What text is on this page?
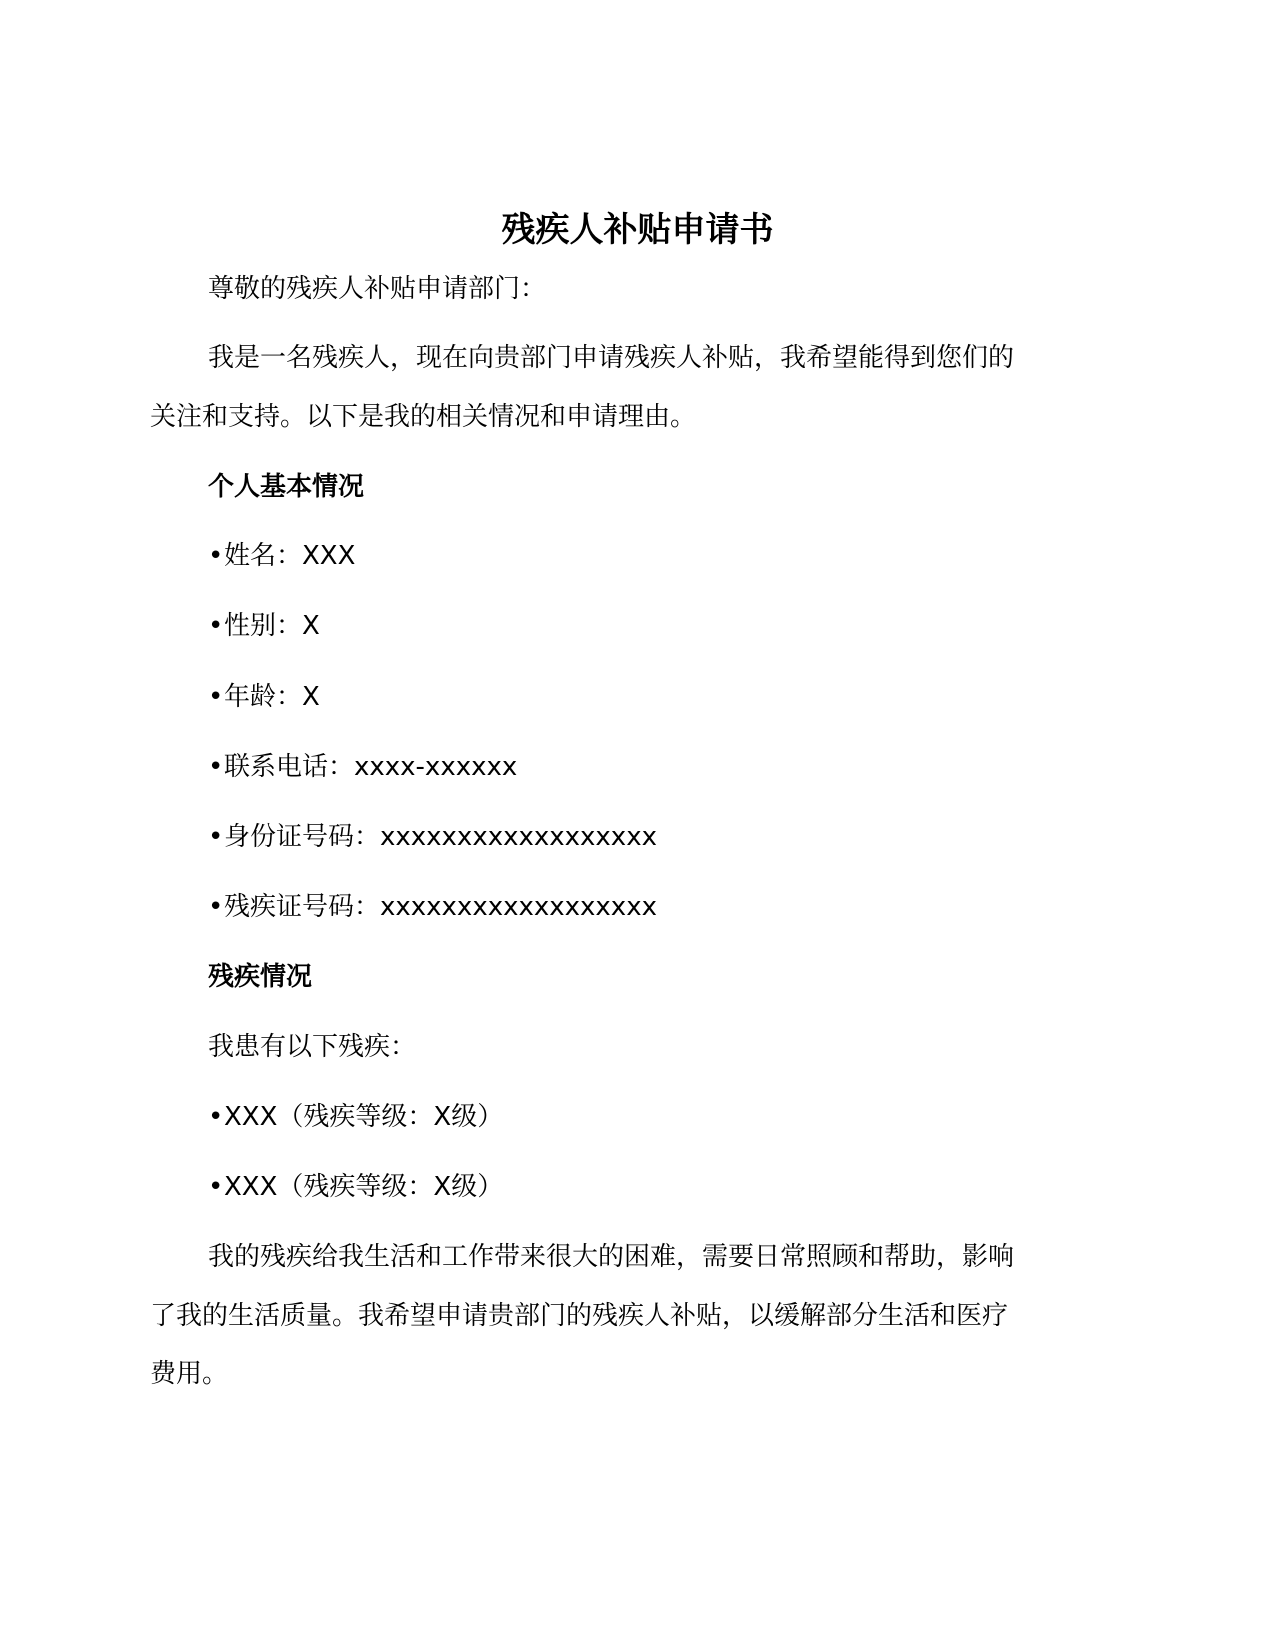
残疾人补贴申请书
尊敬的残疾人补贴申请部门：
我是一名残疾人，现在向贵部门申请残疾人补贴，我希望能得到您们的
关注和支持。以下是我的相关情况和申请理由。
个人基本情况
•姓名：XXX
•性别：X
•年龄：X
•联系电话：xxxx-xxxxxx
•身份证号码：xxxxxxxxxxxxxxxxxx
•残疾证号码：xxxxxxxxxxxxxxxxxx
残疾情况
我患有以下残疾：
•XXX（残疾等级：X级）
•XXX（残疾等级：X级）
我的残疾给我生活和工作带来很大的困难，需要日常照顾和帮助，影响
了我的生活质量。我希望申请贵部门的残疾人补贴，以缓解部分生活和医疗
费用。
